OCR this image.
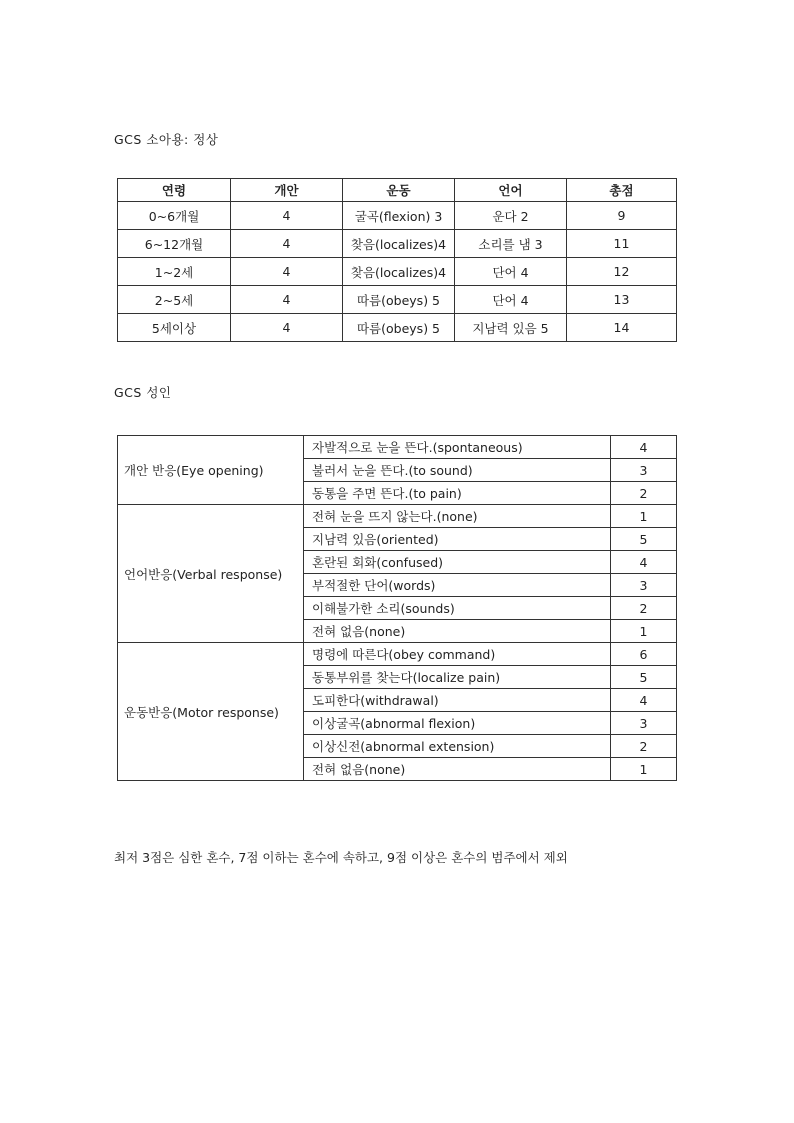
GCS 소아용: 정상
연령	개안	운동	언어	총점
0~6개월	4	굴곡(flexion) 3	운다 2	9
6~12개월	4	찾음(localizes)4	소리를 냄 3	11
1~2세	4	찾음(localizes)4	단어 4	12
2~5세	4	따름(obeys) 5	단어 4	13
5세이상	4	따름(obeys) 5	지남력 있음 5	14
GCS 성인
개안 반응(Eye opening)	자발적으로 눈을 뜬다.(spontaneous)	4
	불러서 눈을 뜬다.(to sound)	3
	동통을 주면 뜬다.(to pain)	2
언어반응(Verbal response)	전혀 눈을 뜨지 않는다.(none)	1
	지남력 있음(oriented)	5
	혼란된 회화(confused)	4
	부적절한 단어(words)	3
	이해불가한 소리(sounds)	2
	전혀 없음(none)	1
운동반응(Motor response)	명령에 따른다(obey command)	6
	동통부위를 찾는다(localize pain)	5
	도피한다(withdrawal)	4
	이상굴곡(abnormal flexion)	3
	이상신전(abnormal extension)	2
	전혀 없음(none)	1
최저 3점은 심한 혼수, 7점 이하는 혼수에 속하고, 9점 이상은 혼수의 범주에서 제외
